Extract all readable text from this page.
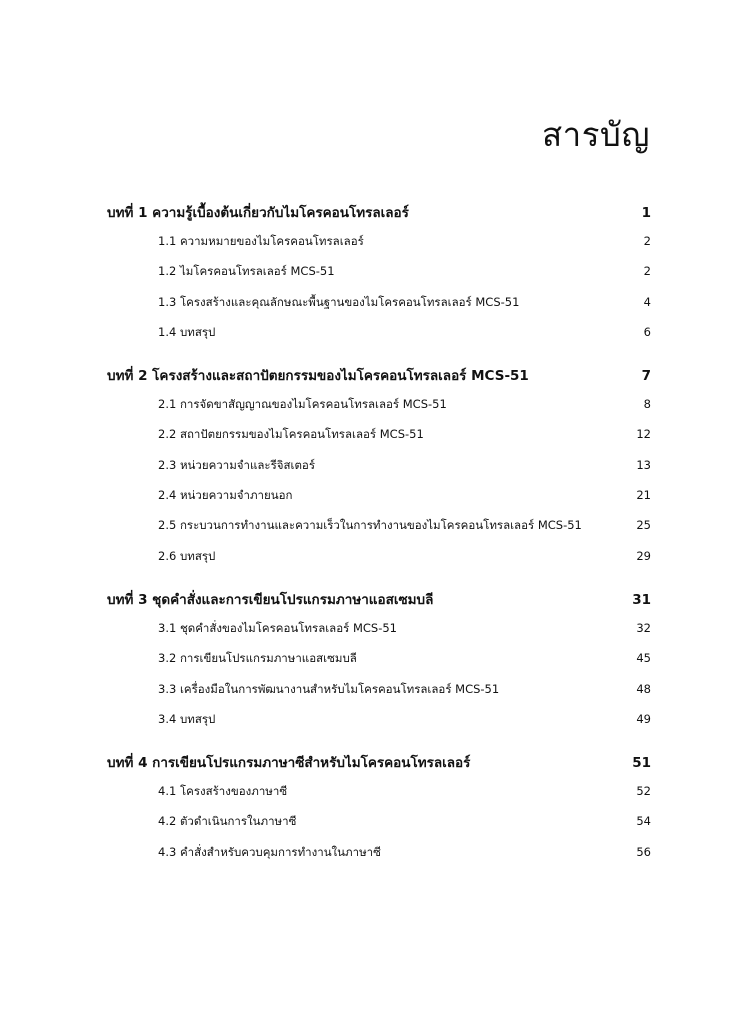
สารบัญ
บทที่ 1 ความรู้เบื้องต้นเกี่ยวกับไมโครคอนโทรลเลอร์	1
1.1 ความหมายของไมโครคอนโทรลเลอร์	2
1.2 ไมโครคอนโทรลเลอร์ MCS-51	2
1.3 โครงสร้างและคุณลักษณะพื้นฐานของไมโครคอนโทรลเลอร์ MCS-51	4
1.4 บทสรุป	6
บทที่ 2 โครงสร้างและสถาปัตยกรรมของไมโครคอนโทรลเลอร์ MCS-51	7
2.1 การจัดขาสัญญาณของไมโครคอนโทรลเลอร์ MCS-51	8
2.2 สถาปัตยกรรมของไมโครคอนโทรลเลอร์ MCS-51	12
2.3 หน่วยความจำและรีจิสเตอร์	13
2.4 หน่วยความจำภายนอก	21
2.5 กระบวนการทำงานและความเร็วในการทำงานของไมโครคอนโทรลเลอร์ MCS-51	25
2.6 บทสรุป	29
บทที่ 3 ชุดคำสั่งและการเขียนโปรแกรมภาษาแอสเซมบลี	31
3.1 ชุดคำสั่งของไมโครคอนโทรลเลอร์ MCS-51	32
3.2 การเขียนโปรแกรมภาษาแอสเซมบลี	45
3.3 เครื่องมือในการพัฒนางานสำหรับไมโครคอนโทรลเลอร์ MCS-51	48
3.4 บทสรุป	49
บทที่ 4 การเขียนโปรแกรมภาษาซีสำหรับไมโครคอนโทรลเลอร์	51
4.1 โครงสร้างของภาษาซี	52
4.2 ตัวดำเนินการในภาษาซี	54
4.3 คำสั่งสำหรับควบคุมการทำงานในภาษาซี	56
